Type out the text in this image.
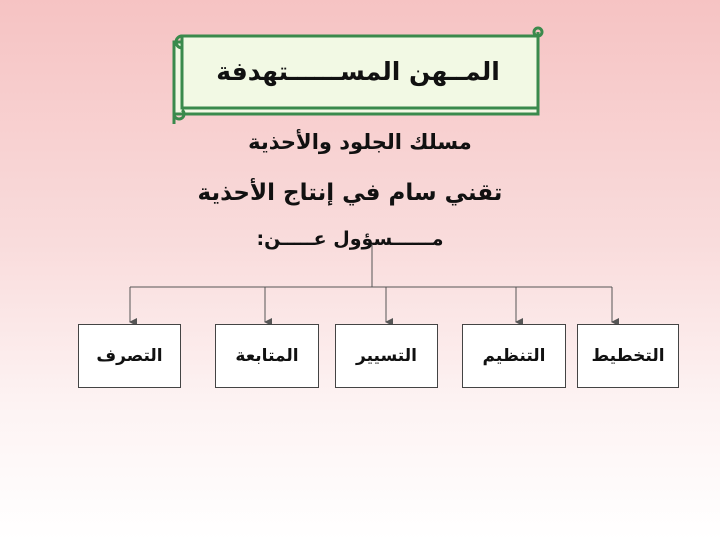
المــهن المســــــتهدفة
مسلك الجلود والأحذية
تقني سام في إنتاج الأحذية
مــــــسؤول عـــــن:
التخطيط
التنظيم
التسيير
المتابعة
التصرف
